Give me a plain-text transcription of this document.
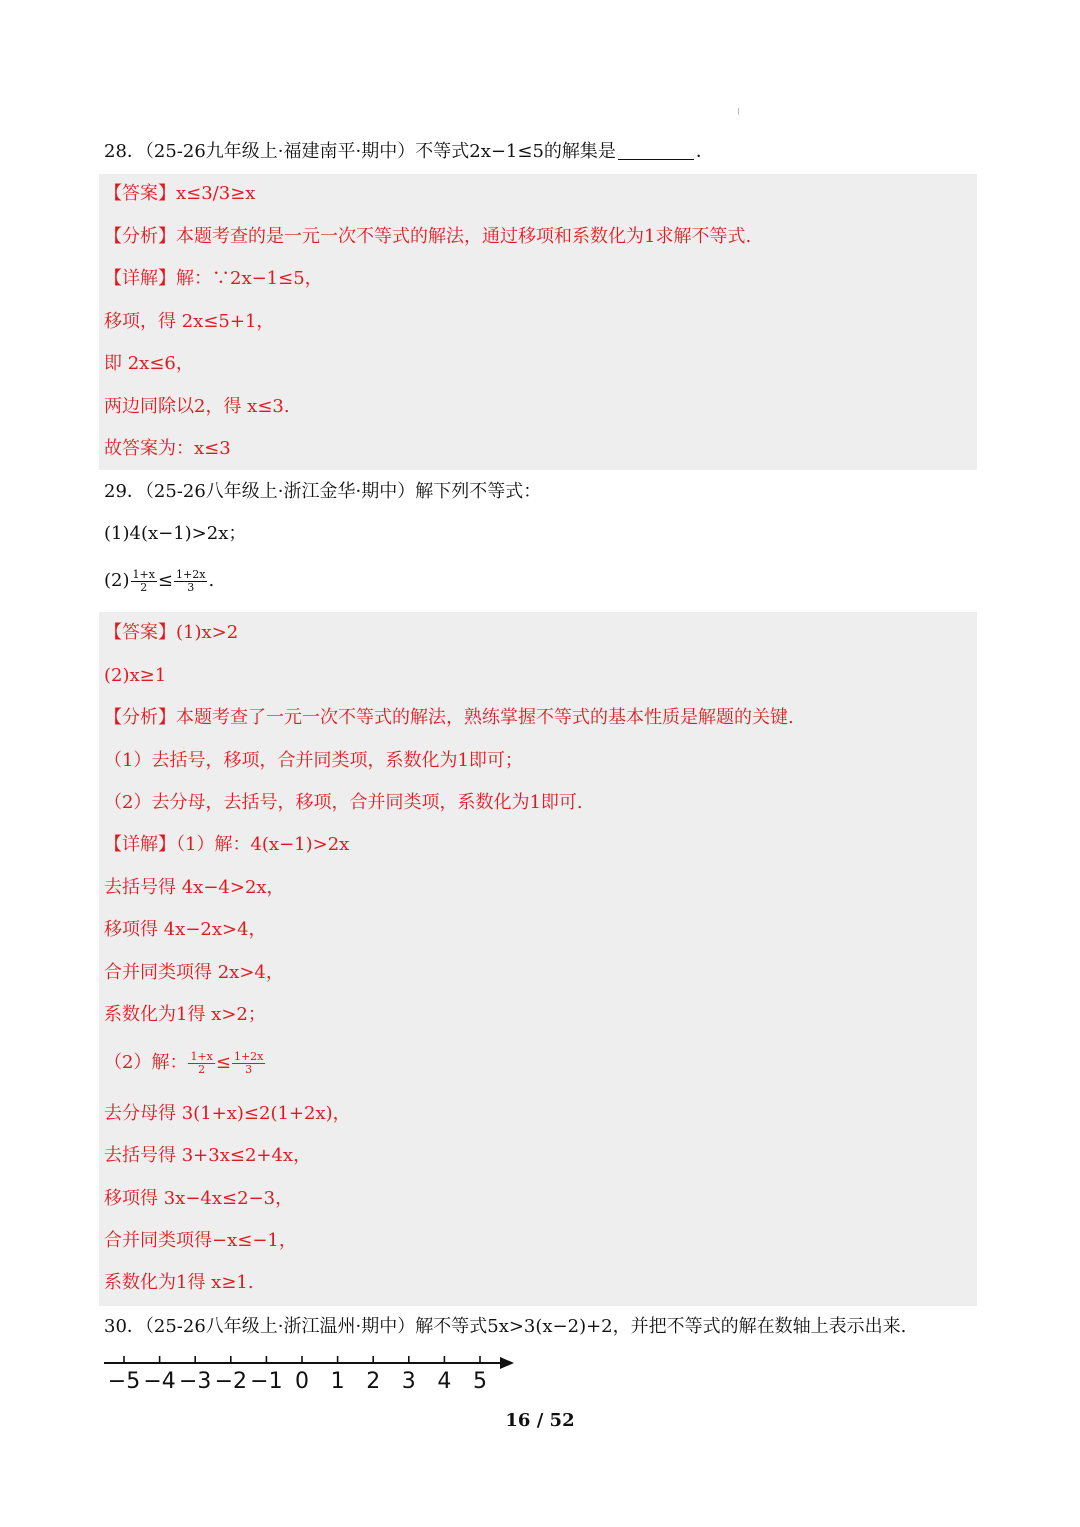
28．（25-26九年级上·福建南平·期中）不等式2x−1≤5的解集是	．
【答案】x≤3/3≥x
【分析】本题考查的是一元一次不等式的解法，通过移项和系数化为1求解不等式.
【详解】解：∵2x−1≤5，
移项，得 2x≤5+1，
即 2x≤6，
两边同除以2，得 x≤3.
故答案为：x≤3
29．（25-26八年级上·浙江金华·期中）解下列不等式：
(1)4(x−1)>2x；
$(2) \frac{1+x}{2} \le \frac{1+2x}{3}$ .
【答案】(1)x>2
(2)x≥1
【分析】本题考查了一元一次不等式的解法，熟练掌握不等式的基本性质是解题的关键.
（1）去括号，移项，合并同类项，系数化为1即可；
（2）去分母，去括号，移项，合并同类项，系数化为1即可.
【详解】（1）解：4(x−1)>2x
去括号得 4x−4>2x，
移项得 4x−2x>4，
合并同类项得 2x>4，
系数化为1得 x>2；
（2）解： $\frac{1+x}{2} \le \frac{1+2x}{3}$
去分母得 3(1+x)≤2(1+2x)，
去括号得 3+3x≤2+4x，
移项得 3x−4x≤2−3，
合并同类项得−x≤−1，
系数化为1得 x≥1.
30．（25-26八年级上·浙江温州·期中）解不等式5x>3(x−2)+2，并把不等式的解在数轴上表示出来.
−5 −4 −3 −2 −1 0 1 2 3 4 5
16 / 52
